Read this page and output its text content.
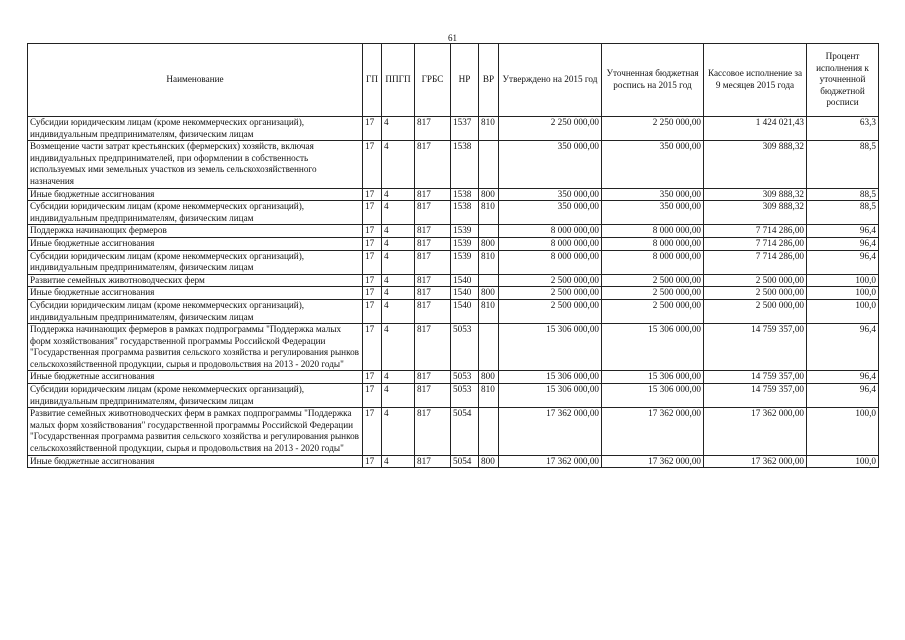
61
Наименование	ГП	ППГП	ГРБС	НР	ВР	Утверждено на 2015 год	Уточненная бюджетная роспись на 2015 год	Кассовое исполнение за 9 месяцев 2015 года	Процент исполнения к уточненной бюджетной росписи
Субсидии юридическим лицам (кроме некоммерческих организаций), индивидуальным предпринимателям, физическим лицам	17	4	817	1537	810	2 250 000,00	2 250 000,00	1 424 021,43	63,3
Возмещение части затрат крестьянских (фермерских) хозяйств, включая индивидуальных предпринимателей, при оформлении в собственность используемых ими земельных участков из земель сельскохозяйственного назначения	17	4	817	1538		350 000,00	350 000,00	309 888,32	88,5
Иные бюджетные ассигнования	17	4	817	1538	800	350 000,00	350 000,00	309 888,32	88,5
Субсидии юридическим лицам (кроме некоммерческих организаций), индивидуальным предпринимателям, физическим лицам	17	4	817	1538	810	350 000,00	350 000,00	309 888,32	88,5
Поддержка начинающих фермеров	17	4	817	1539		8 000 000,00	8 000 000,00	7 714 286,00	96,4
Иные бюджетные ассигнования	17	4	817	1539	800	8 000 000,00	8 000 000,00	7 714 286,00	96,4
Субсидии юридическим лицам (кроме некоммерческих организаций), индивидуальным предпринимателям, физическим лицам	17	4	817	1539	810	8 000 000,00	8 000 000,00	7 714 286,00	96,4
Развитие семейных животноводческих ферм	17	4	817	1540		2 500 000,00	2 500 000,00	2 500 000,00	100,0
Иные бюджетные ассигнования	17	4	817	1540	800	2 500 000,00	2 500 000,00	2 500 000,00	100,0
Субсидии юридическим лицам (кроме некоммерческих организаций), индивидуальным предпринимателям, физическим лицам	17	4	817	1540	810	2 500 000,00	2 500 000,00	2 500 000,00	100,0
Поддержка начинающих фермеров в рамках подпрограммы "Поддержка малых форм хозяйствования" государственной программы Российской Федерации "Государственная программа развития сельского хозяйства и регулирования рынков сельскохозяйственной продукции, сырья и продовольствия на 2013 - 2020 годы"	17	4	817	5053		15 306 000,00	15 306 000,00	14 759 357,00	96,4
Иные бюджетные ассигнования	17	4	817	5053	800	15 306 000,00	15 306 000,00	14 759 357,00	96,4
Субсидии юридическим лицам (кроме некоммерческих организаций), индивидуальным предпринимателям, физическим лицам	17	4	817	5053	810	15 306 000,00	15 306 000,00	14 759 357,00	96,4
Развитие семейных животноводческих ферм в рамках подпрограммы "Поддержка малых форм хозяйствования" государственной программы Российской Федерации "Государственная программа развития сельского хозяйства и регулирования рынков сельскохозяйственной продукции, сырья и продовольствия на 2013 - 2020 годы"	17	4	817	5054		17 362 000,00	17 362 000,00	17 362 000,00	100,0
Иные бюджетные ассигнования	17	4	817	5054	800	17 362 000,00	17 362 000,00	17 362 000,00	100,0
